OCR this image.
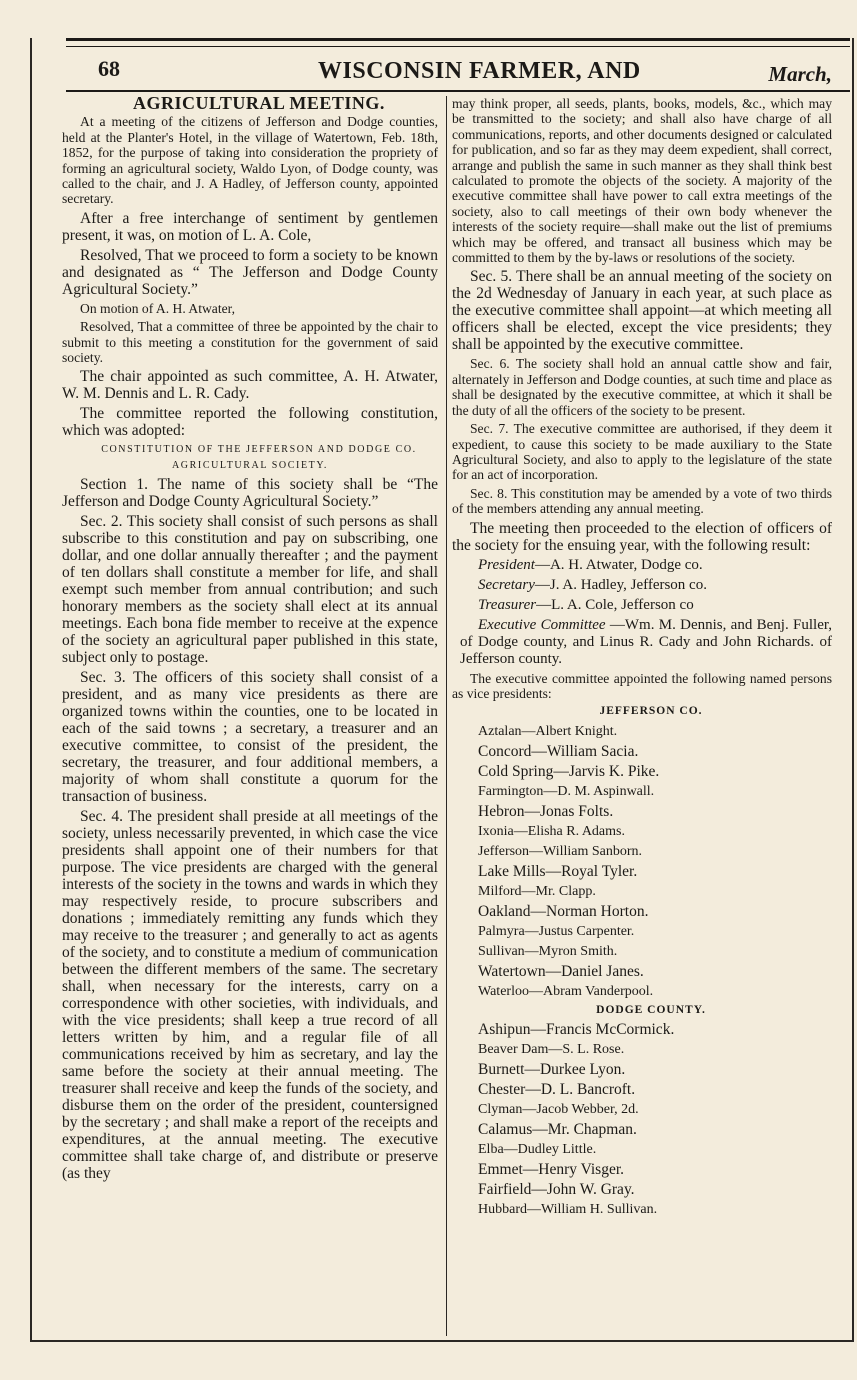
68	WISCONSIN FARMER, AND	March,

AGRICULTURAL MEETING.

At a meeting of the citizens of Jefferson and Dodge counties, held at the Planter's Hotel, in the village of Watertown, Feb. 18th, 1852, for the purpose of taking into consideration the propriety of forming an agricultural society, Waldo Lyon, of Dodge county, was called to the chair, and J. A Hadley, of Jefferson county, appointed secretary.

After a free interchange of sentiment by gentlemen present, it was, on motion of L. A. Cole,

Resolved, That we proceed to form a society to be known and designated as “ The Jefferson and Dodge County Agricultural Society.”

On motion of A. H. Atwater,

Resolved, That a committee of three be appointed by the chair to submit to this meeting a constitution for the government of said society.

The chair appointed as such committee, A. H. Atwater, W. M. Dennis and L. R. Cady.

The committee reported the following constitution, which was adopted:

CONSTITUTION OF THE JEFFERSON AND DODGE CO. AGRICULTURAL SOCIETY.

Section 1. The name of this society shall be “The Jefferson and Dodge County Agricultural Society.”

Sec. 2. This society shall consist of such persons as shall subscribe to this constitution and pay on subscribing, one dollar, and one dollar annually thereafter ; and the payment of ten dollars shall constitute a member for life, and shall exempt such member from annual contribution; and such honorary members as the society shall elect at its annual meetings. Each bona fide member to receive at the expence of the society an agricultural paper published in this state, subject only to postage.

Sec. 3. The officers of this society shall consist of a president, and as many vice presidents as there are organized towns within the counties, one to be located in each of the said towns ; a secretary, a treasurer and an executive committee, to consist of the president, the secretary, the treasurer, and four additional members, a majority of whom shall constitute a quorum for the transaction of business.

Sec. 4. The president shall preside at all meetings of the society, unless necessarily prevented, in which case the vice presidents shall appoint one of their numbers for that purpose. The vice presidents are charged with the general interests of the society in the towns and wards in which they may respectively reside, to procure subscribers and donations ; immediately remitting any funds which they may receive to the treasurer ; and generally to act as agents of the society, and to constitute a medium of communication between the different members of the same. The secretary shall, when necessary for the interests, carry on a correspondence with other societies, with individuals, and with the vice presidents; shall keep a true record of all letters written by him, and a regular file of all communications received by him as secretary, and lay the same before the society at their annual meeting. The treasurer shall receive and keep the funds of the society, and disburse them on the order of the president, countersigned by the secretary ; and shall make a report of the receipts and expenditures, at the annual meeting. The executive committee shall take charge of, and distribute or preserve (as they

may think proper, all seeds, plants, books, models, &c., which may be transmitted to the society; and shall also have charge of all communications, reports, and other documents designed or calculated for publication, and so far as they may deem expedient, shall correct, arrange and publish the same in such manner as they shall think best calculated to promote the objects of the society. A majority of the executive committee shall have power to call extra meetings of the society, also to call meetings of their own body whenever the interests of the society require—shall make out the list of premiums which may be offered, and transact all business which may be committed to them by the by-laws or resolutions of the society.

Sec. 5. There shall be an annual meeting of the society on the 2d Wednesday of January in each year, at such place as the executive committee shall appoint—at which meeting all officers shall be elected, except the vice presidents; they shall be appointed by the executive committee.

Sec. 6. The society shall hold an annual cattle show and fair, alternately in Jefferson and Dodge counties, at such time and place as shall be designated by the executive committee, at which it shall be the duty of all the officers of the society to be present.

Sec. 7. The executive committee are authorised, if they deem it expedient, to cause this society to be made auxiliary to the State Agricultural Society, and also to apply to the legislature of the state for an act of incorporation.

Sec. 8. This constitution may be amended by a vote of two thirds of the members attending any annual meeting.

The meeting then proceeded to the election of officers of the society for the ensuing year, with the following result:

President—A. H. Atwater, Dodge co.

Secretary—J. A. Hadley, Jefferson co.

Treasurer—L. A. Cole, Jefferson co

Executive Committee —Wm. M. Dennis, and Benj. Fuller, of Dodge county, and Linus R. Cady and John Richards. of Jefferson county.

The executive committee appointed the following named persons as vice presidents:

JEFFERSON CO.

Aztalan—Albert Knight.

Concord—William Sacia.

Cold Spring—Jarvis K. Pike.

Farmington—D. M. Aspinwall.

Hebron—Jonas Folts.

Ixonia—Elisha R. Adams.

Jefferson—William Sanborn.

Lake Mills—Royal Tyler.

Milford—Mr. Clapp.

Oakland—Norman Horton.

Palmyra—Justus Carpenter.

Sullivan—Myron Smith.

Watertown—Daniel Janes.

Waterloo—Abram Vanderpool.

DODGE COUNTY.

Ashipun—Francis McCormick.

Beaver Dam—S. L. Rose.

Burnett—Durkee Lyon.

Chester—D. L. Bancroft.

Clyman—Jacob Webber, 2d.

Calamus—Mr. Chapman.

Elba—Dudley Little.

Emmet—Henry Visger.

Fairfield—John W. Gray.

Hubbard—William H. Sullivan.
